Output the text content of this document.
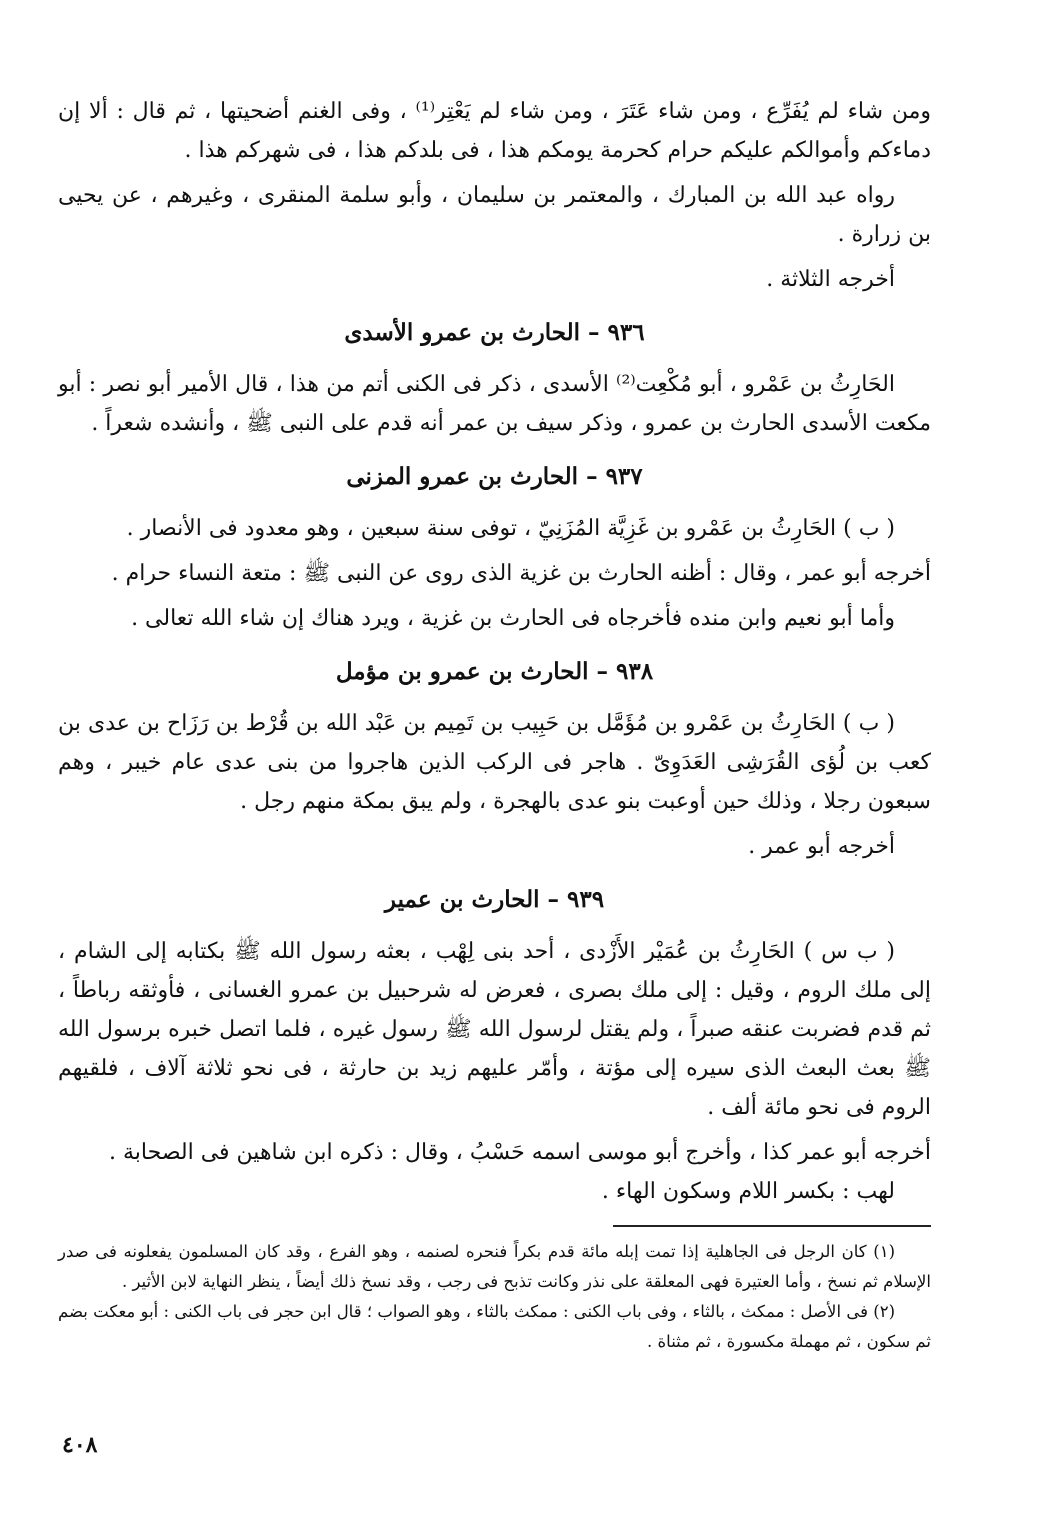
ومن شاء لم يُفَرِّع ، ومن شاء عَتَرَ ، ومن شاء لم يَعْتِر⁽¹⁾ ، وفى الغنم أضحيتها ، ثم قال : ألا إن دماءكم وأموالكم عليكم حرام كحرمة يومكم هذا ، فى بلدكم هذا ، فى شهركم هذا .

رواه عبد الله بن المبارك ، والمعتمر بن سليمان ، وأبو سلمة المنقرى ، وغيرهم ، عن يحيى بن زرارة .

أخرجه الثلاثة .

٩٣٦ – الحارث بن عمرو الأسدى

الحَارِثُ بن عَمْرو ، أبو مُكْعِت⁽²⁾ الأسدى ، ذكر فى الكنى أتم من هذا ، قال الأمير أبو نصر : أبو مكعت الأسدى الحارث بن عمرو ، وذكر سيف بن عمر أنه قدم على النبى ﷺ ، وأنشده شعراً .

٩٣٧ – الحارث بن عمرو المزنى

( ب ) الحَارِثُ بن عَمْرو بن غَزِيَّة المُزَنِيّ ، توفى سنة سبعين ، وهو معدود فى الأنصار .

أخرجه أبو عمر ، وقال : أظنه الحارث بن غزية الذى روى عن النبى ﷺ : متعة النساء حرام .

وأما أبو نعيم وابن منده فأخرجاه فى الحارث بن غزية ، ويرد هناك إن شاء الله تعالى .

٩٣٨ – الحارث بن عمرو بن مؤمل

( ب ) الحَارِثُ بن عَمْرو بن مُؤَمَّل بن حَبِيب بن تَمِيم بن عَبْد الله بن قُرْط بن رَزَاح بن عدى بن كعب بن لُؤى القُرَشِى العَدَوِىّ . هاجر فى الركب الذين هاجروا من بنى عدى عام خيبر ، وهم سبعون رجلا ، وذلك حين أوعبت بنو عدى بالهجرة ، ولم يبق بمكة منهم رجل .

أخرجه أبو عمر .

٩٣٩ – الحارث بن عمير

( ب س ) الحَارِثُ بن عُمَيْر الأَزْدى ، أحد بنى لِهْب ، بعثه رسول الله ﷺ بكتابه إلى الشام ، إلى ملك الروم ، وقيل : إلى ملك بصرى ، فعرض له شرحبيل بن عمرو الغسانى ، فأوثقه رباطاً ، ثم قدم فضربت عنقه صبراً ، ولم يقتل لرسول الله ﷺ رسول غيره ، فلما اتصل خبره برسول الله ﷺ بعث البعث الذى سيره إلى مؤتة ، وأمّر عليهم زيد بن حارثة ، فى نحو ثلاثة آلاف ، فلقيهم الروم فى نحو مائة ألف .

أخرجه أبو عمر كذا ، وأخرج أبو موسى اسمه حَسْبُ ، وقال : ذكره ابن شاهين فى الصحابة .

لهب : بكسر اللام وسكون الهاء .

(١) كان الرجل فى الجاهلية إذا تمت إبله مائة قدم بكراً فنحره لصنمه ، وهو الفرع ، وقد كان المسلمون يفعلونه فى صدر الإسلام ثم نسخ ، وأما العتيرة فهى المعلقة على نذر وكانت تذبح فى رجب ، وقد نسخ ذلك أيضاً ، ينظر النهاية لابن الأثير .

(٢) فى الأصل : ممكث ، بالثاء ، وفى باب الكنى : ممكث بالثاء ، وهو الصواب ؛ قال ابن حجر فى باب الكنى : أبو معكت بضم ثم سكون ، ثم مهملة مكسورة ، ثم مثناة .

٤٠٨
